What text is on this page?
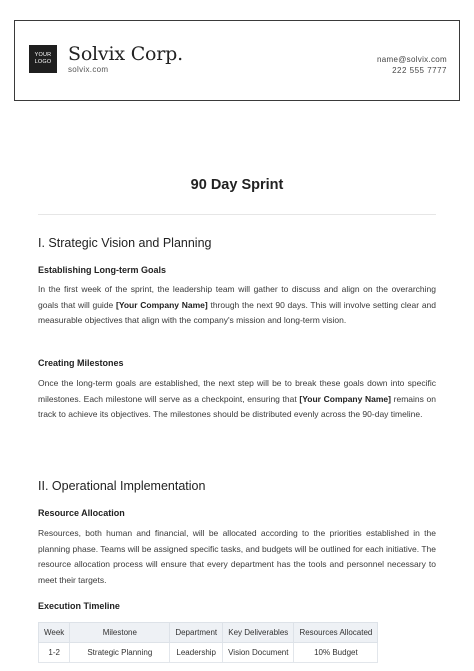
YOUR
LOGO Solvix Corp.
solvix.com
name@solvix.com
222 555 7777
90 Day Sprint
I. Strategic Vision and Planning
Establishing Long-term Goals
In the first week of the sprint, the leadership team will gather to discuss and align on the overarching goals that will guide [Your Company Name] through the next 90 days. This will involve setting clear and measurable objectives that align with the company's mission and long-term vision.
Creating Milestones
Once the long-term goals are established, the next step will be to break these goals down into specific milestones. Each milestone will serve as a checkpoint, ensuring that [Your Company Name] remains on track to achieve its objectives. The milestones should be distributed evenly across the 90-day timeline.
II. Operational Implementation
Resource Allocation
Resources, both human and financial, will be allocated according to the priorities established in the planning phase. Teams will be assigned specific tasks, and budgets will be outlined for each initiative. The resource allocation process will ensure that every department has the tools and personnel necessary to meet their targets.
Execution Timeline
Week	Milestone	Department	Key Deliverables	Resources Allocated
1-2	Strategic Planning	Leadership	Vision Document	10% Budget
